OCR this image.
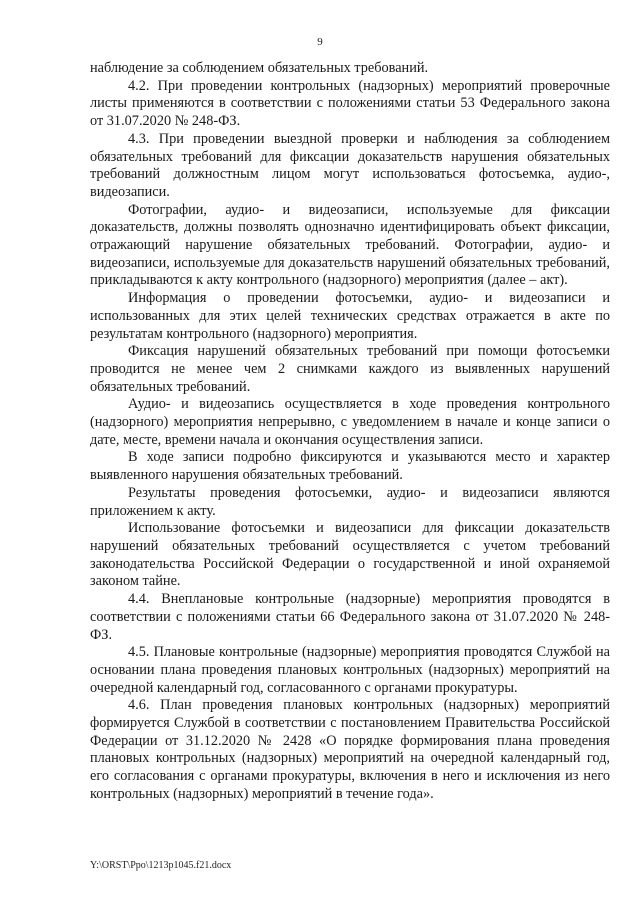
9

наблюдение за соблюдением обязательных требований.

4.2. При проведении контрольных (надзорных) мероприятий проверочные листы применяются в соответствии с положениями статьи 53 Федерального закона от 31.07.2020 № 248-ФЗ.

4.3. При проведении выездной проверки и наблюдения за соблюдением обязательных требований для фиксации доказательств нарушения обязательных требований должностным лицом могут использоваться фотосъемка, аудио-, видеозаписи.

Фотографии, аудио- и видеозаписи, используемые для фиксации доказательств, должны позволять однозначно идентифицировать объект фиксации, отражающий нарушение обязательных требований. Фотографии, аудио- и видеозаписи, используемые для доказательств нарушений обязательных требований, прикладываются к акту контрольного (надзорного) мероприятия (далее – акт).

Информация о проведении фотосъемки, аудио- и видеозаписи и использованных для этих целей технических средствах отражается в акте по результатам контрольного (надзорного) мероприятия.

Фиксация нарушений обязательных требований при помощи фотосъемки проводится не менее чем 2 снимками каждого из выявленных нарушений обязательных требований.

Аудио- и видеозапись осуществляется в ходе проведения контрольного (надзорного) мероприятия непрерывно, с уведомлением в начале и конце записи о дате, месте, времени начала и окончания осуществления записи.

В ходе записи подробно фиксируются и указываются место и характер выявленного нарушения обязательных требований.

Результаты проведения фотосъемки, аудио- и видеозаписи являются приложением к акту.

Использование фотосъемки и видеозаписи для фиксации доказательств нарушений обязательных требований осуществляется с учетом требований законодательства Российской Федерации о государственной и иной охраняемой законом тайне.

4.4. Внеплановые контрольные (надзорные) мероприятия проводятся в соответствии с положениями статьи 66 Федерального закона от 31.07.2020 № 248-ФЗ.

4.5. Плановые контрольные (надзорные) мероприятия проводятся Службой на основании плана проведения плановых контрольных (надзорных) мероприятий на очередной календарный год, согласованного с органами прокуратуры.

4.6. План проведения плановых контрольных (надзорных) мероприятий формируется Службой в соответствии с постановлением Правительства Российской Федерации от 31.12.2020 № 2428 «О порядке формирования плана проведения плановых контрольных (надзорных) мероприятий на очередной календарный год, его согласования с органами прокуратуры, включения в него и исключения из него контрольных (надзорных) мероприятий в течение года».

Y:\ORST\Ppo\1213p1045.f21.docx
